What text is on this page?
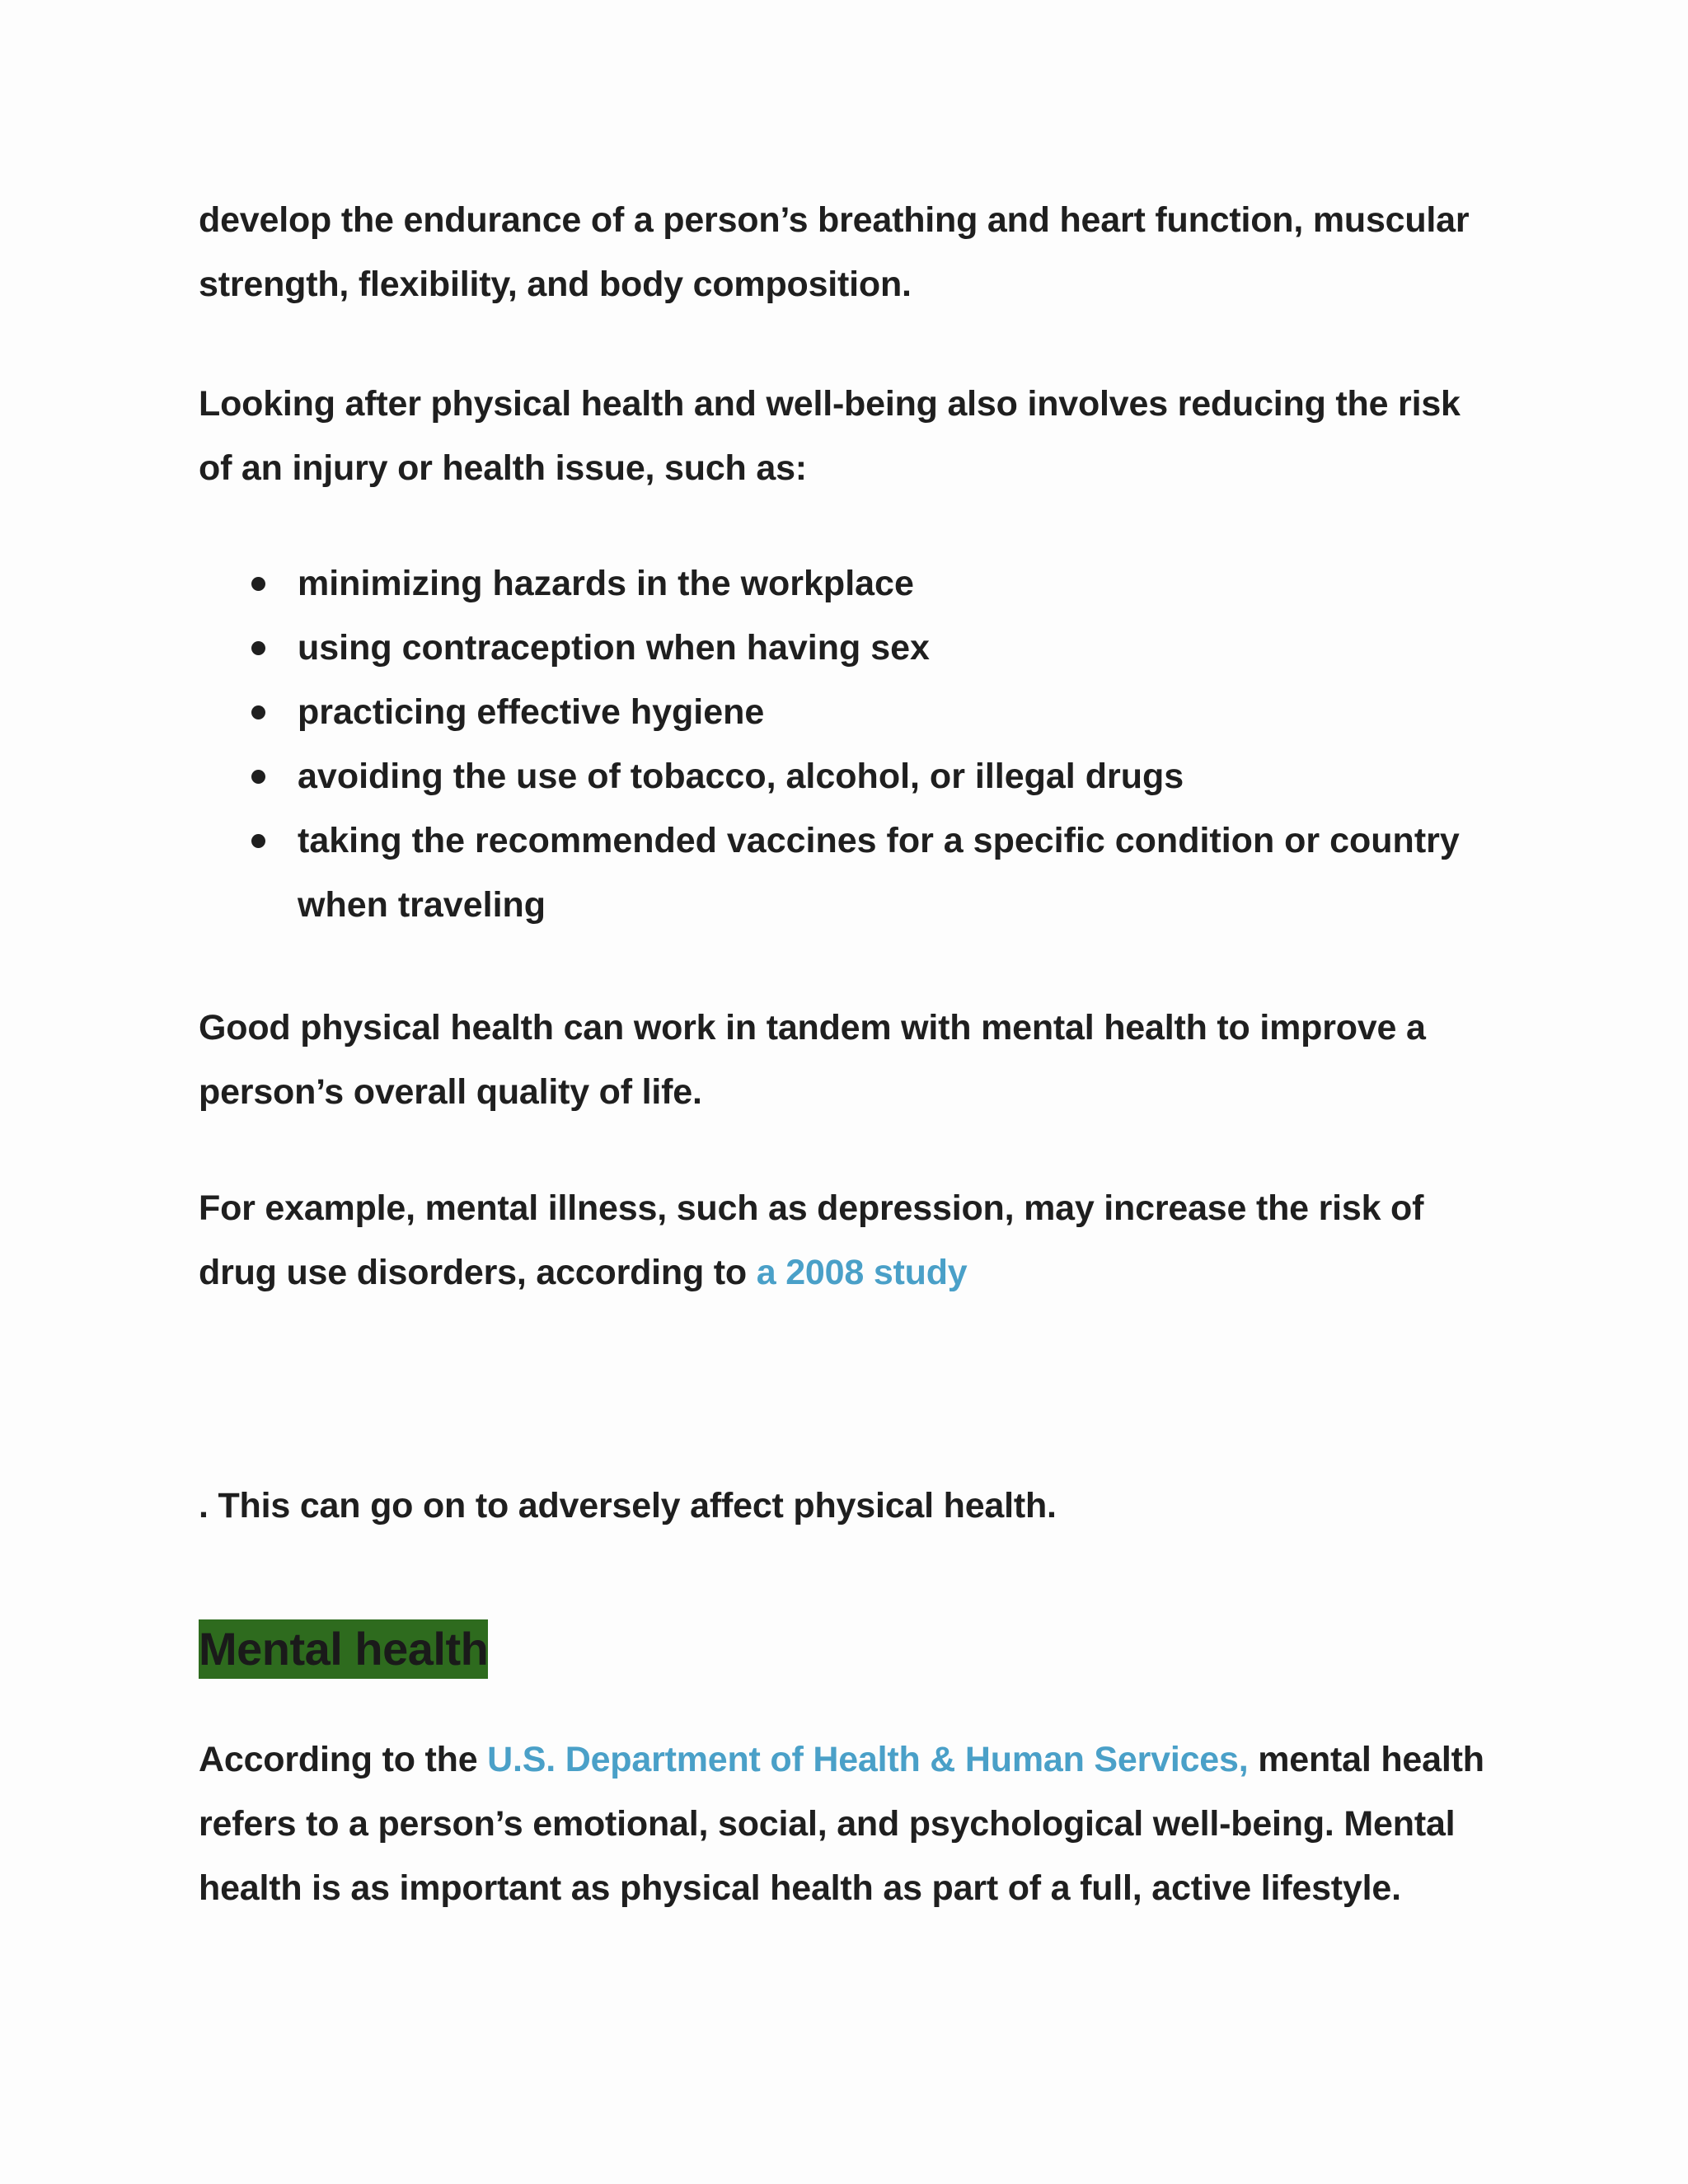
develop the endurance of a person’s breathing and heart function, muscular strength, flexibility, and body composition.

Looking after physical health and well-being also involves reducing the risk of an injury or health issue, such as:

minimizing hazards in the workplace
using contraception when having sex
practicing effective hygiene
avoiding the use of tobacco, alcohol, or illegal drugs
taking the recommended vaccines for a specific condition or country when traveling

Good physical health can work in tandem with mental health to improve a person’s overall quality of life.

For example, mental illness, such as depression, may increase the risk of drug use disorders, according to a 2008 study

. This can go on to adversely affect physical health.

Mental health

According to the U.S. Department of Health & Human Services, mental health refers to a person’s emotional, social, and psychological well-being. Mental health is as important as physical health as part of a full, active lifestyle.
